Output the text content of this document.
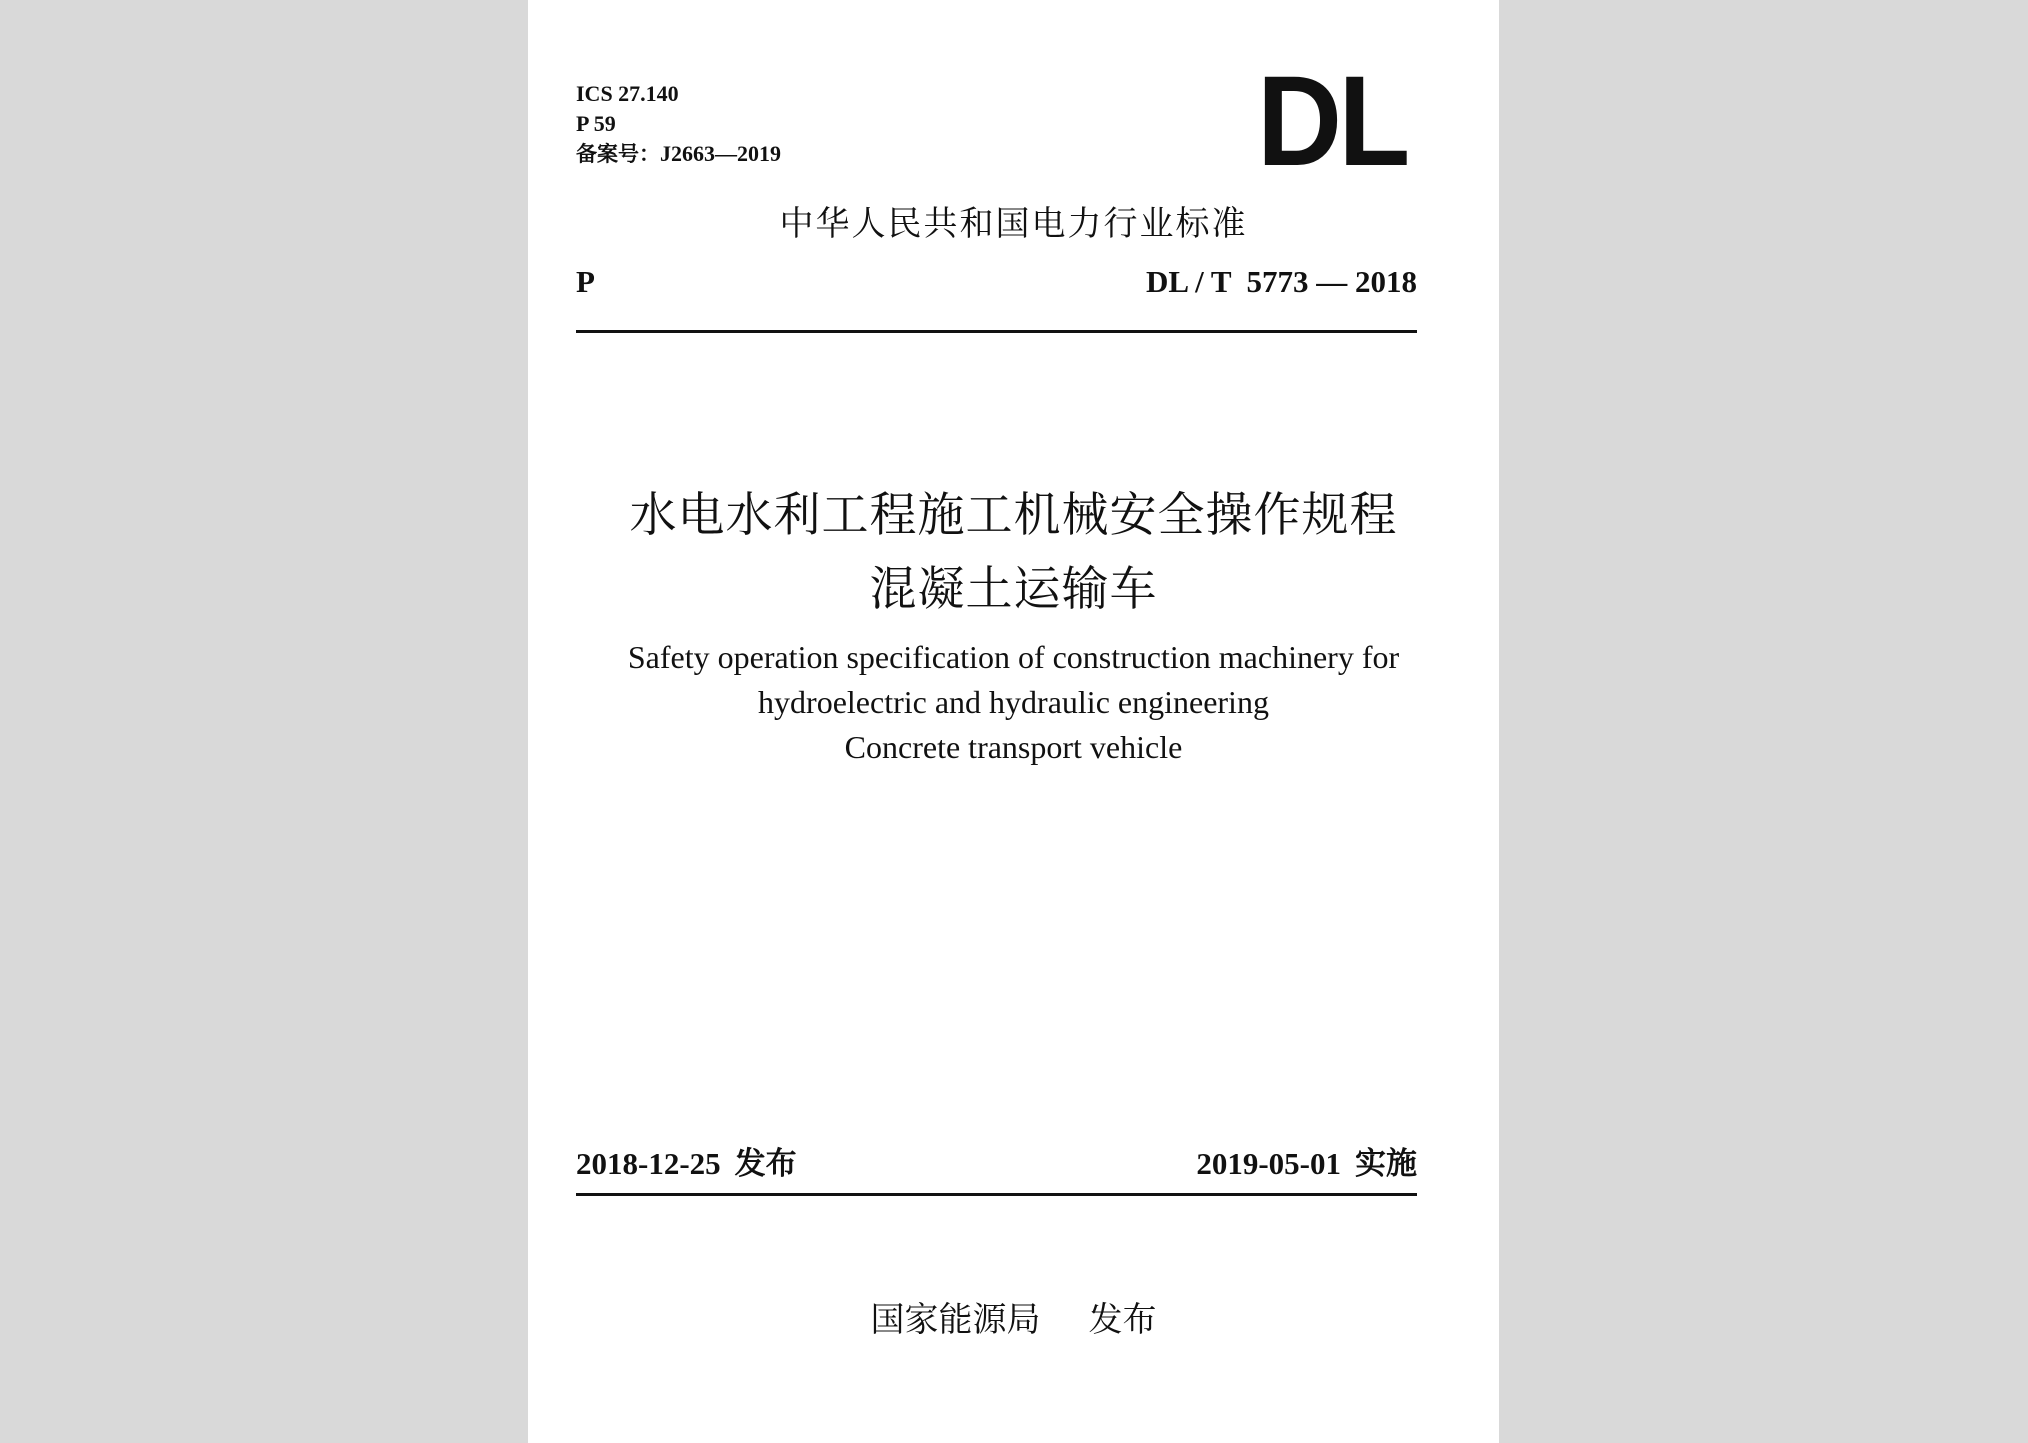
ICS 27.140
P 59
备案号：J2663—2019	DL
中华人民共和国电力行业标准
P	DL / T  5773 — 2018
水电水利工程施工机械安全操作规程
混凝土运输车
Safety operation specification of construction machinery for
hydroelectric and hydraulic engineering
Concrete transport vehicle
2018-12-25 发布	2019-05-01 实施
国家能源局 发布
